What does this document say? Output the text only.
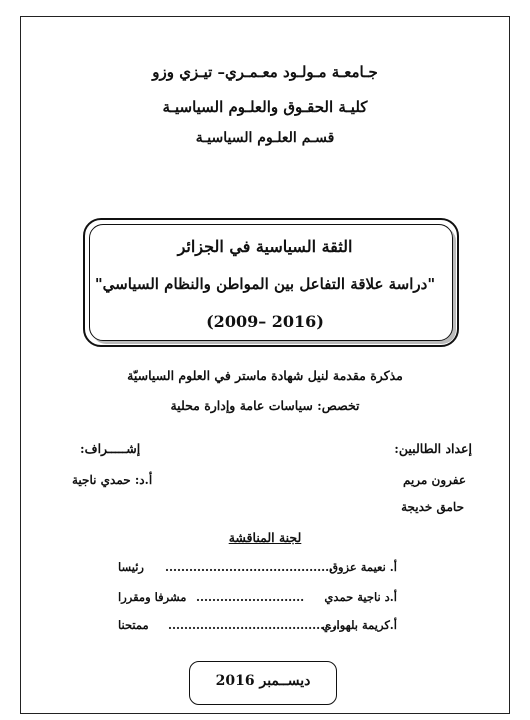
جـامعـة مـولـود معـمـري– تيـزي وزو
كليـة الحقـوق والعلـوم السياسيـة
قسـم العلـوم السياسيـة
الثقة السياسية في الجزائر
"دراسة علاقة التفاعل بين المواطن والنظام السياسي"
(2009– 2016)
مذكرة مقدمة لنيل شهادة ماستر في العلوم السياسيّة
تخصص: سياسات عامة وإدارة محلية
إعداد الطالبين:
عفرون مريم
حامق خديجة
إشـــــراف:
أ.د: حمدي ناجية
لجنة المناقشة
أ. نعيمة عزوق
..........................................
رئيسا
أ.د ناجية حمدي
...........................
مشرفا ومقررا
أ.كريمة بلهواري
...........................................
ممتحنا
ديســمبر 2016
